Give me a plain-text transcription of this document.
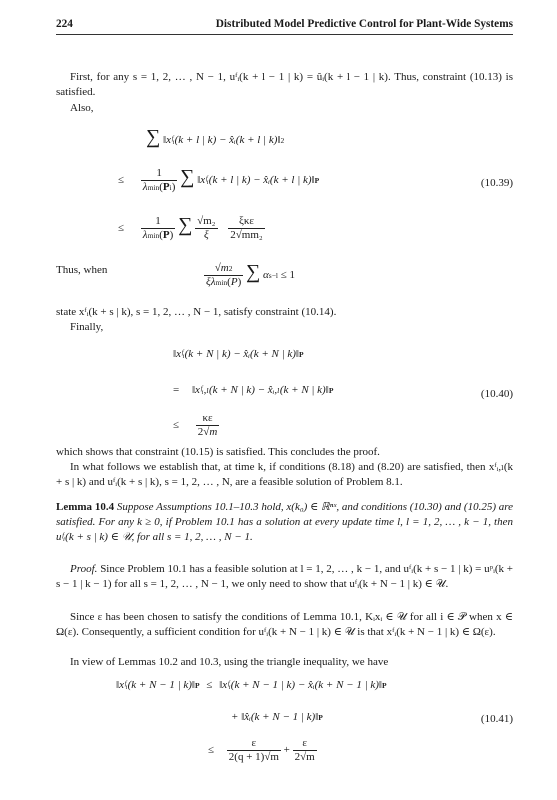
224	Distributed Model Predictive Control for Plant-Wide Systems
First, for any s = 1, 2, … , N − 1, uᶠᵢ(k + l − 1 | k) = ûᵢ(k + l − 1 | k). Thus, constraint (10.13) is satisfied.
Also,
∑ ‖xᶠᵢ(k + l | k) − x̂ᵢ(k + l | k)‖2
≤ $\frac{1}{\lambda\min(Pi)}$ ∑ ‖xᶠᵢ(k + l | k) − x̂ᵢ(k + l | k)‖P
≤ $\frac{1}{\lambda\min(P)}$ ∑ $\frac{\text{√m₂}}{\xi}$
$\frac{\text{ξκε}}{\text{2√mm₂}}$
(10.39)
Thus, when	$\frac{√m2}{\xi\lambda\min(P)}$ ∑ αs−l ≤ 1
state xᶠᵢ(k + s | k), s = 1, 2, … , N − 1, satisfy constraint (10.14).
Finally,
‖xᶠᵢ(k + N | k) − x̂ᵢ(k + N | k)‖P
= ‖xᶠᵢ,ₗ(k + N | k) − x̂ᵢ,ₗ(k + N | k)‖P
≤ $\frac{\kappa\varepsilon}{2√m}$
(10.40)
which shows that constraint (10.15) is satisfied. This concludes the proof.
In what follows we establish that, at time k, if conditions (8.18) and (8.20) are satisfied, then xᶠᵢ,ₗ(k + s | k) and uᶠᵢ(k + s | k), s = 1, 2, … , N, are a feasible solution of Problem 8.1.
Lemma 10.4 Suppose Assumptions 10.1–10.3 hold, x(k₀) ∈ ℝⁿˣ, and conditions (10.30) and (10.25) are satisfied. For any k ≥ 0, if Problem 10.1 has a solution at every update time l, l = 1, 2, … , k − 1, then uᶠᵢ(k + s | k) ∈ 𝒰, for all s = 1, 2, … , N − 1.
Proof. Since Problem 10.1 has a feasible solution at l = 1, 2, … , k − 1, and uᶠᵢ(k + s − 1 | k) = uᵖᵢ(k + s − 1 | k − 1) for all s = 1, 2, … , N − 1, we only need to show that uᶠᵢ(k + N − 1 | k) ∈ 𝒰.
Since ε has been chosen to satisfy the conditions of Lemma 10.1, Kᵢxᵢ ∈ 𝒰 for all i ∈ 𝒫 when x ∈ Ω(ε). Consequently, a sufficient condition for uᶠᵢ(k + N − 1 | k) ∈ 𝒰 is that xᶠᵢ(k + N − 1 | k) ∈ Ω(ε).
In view of Lemmas 10.2 and 10.3, using the triangle inequality, we have
‖xᶠᵢ(k + N − 1 | k)‖P ≤ ‖xᶠᵢ(k + N − 1 | k) − x̂ᵢ(k + N − 1 | k)‖P
+ ‖x̂ᵢ(k + N − 1 | k)‖P
≤ $\frac{\varepsilon}{2(q + 1)√m} + \frac{\varepsilon}{2√m}$
(10.41)
